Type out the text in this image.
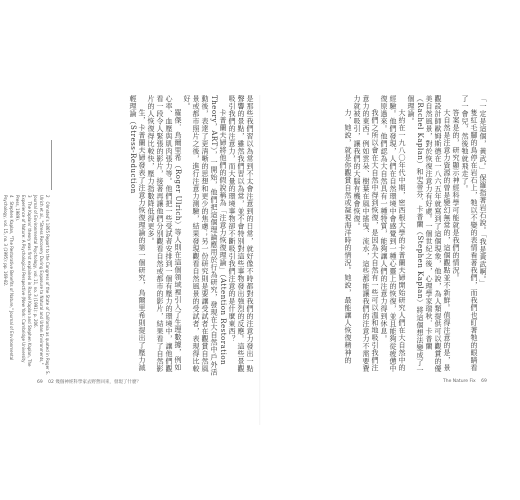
是那些我們習以為常到不太會注意到的日常，就好像不時都對我們的注意力發出一點聲響的景點，雖然我們習以為常，並不會特別對這些事物發出強烈的反應。這些景觀吸引我們的注意力，而大量的環境事物卻不斷吸引我們注意的是什麼東西？
卡普蘭夫婦將他們的假說稱為「注意力恢復理論」（Attention Restoration Theory，ART），一開始，他們把這個理論應用於行為研究，發現在大自然中戶外活動後，表達了更清晰的思想和更少的焦慮；另一份研究則是要讓受試者在觀賞自然風景或都市照片之後，進行注意力測驗，結果發現觀看自然風景的受試者，表現得比較好。
羅傑．烏爾里希（Roger Ulrich）等人則在這個領域裡引入了生理數據，例如心率、血壓與肌肉張力等。他們把一些受試者安排到一個有壓力的環境中，讓他們觀看一段令人緊張的影片，接著再讓他們分別觀看自然或都市的影片，結果看了自然影片的人恢復得比較快，壓力指數降低得更多。
生，卡普蘭夫婦發表了注意力恢復理論的第一個研究，烏爾里希則提出了壓力減輕理論（Stress-Reduction
2　Olmsted's 1865 Report to the Congress of the State of California as quoted in Roger S. Ulrich et al., "Stress Recovery During Exposure to Natural and Urban Environments," Journal of Environmental Psychology, vol. 11, no. 3 (1991): p. 206.
3　The Kaplans' theory was first explained in Rachel Kaplan and Stephen Kaplan, The Experience of Nature: A Psychological Perspective (New York: Cambridge University Press, 1989).
4　Stephen Kaplan, "The Restorative Benefits of Nature," Journal of Environmental Psychology, vol. 15, no. 3 (1995): pp. 169-82.
69 02 幾個神經科學家去野營回來，發現了什麼？
「一定是這個，黃武。」保羅指著岩石說。「我是黃武啊。」
隻紅毛腳的鳥停在岩石上，牠以不變的表情看著我們，而我們也盯著牠的眼睛看了一會兒，然後牠就飛走了。
答案是的，研究顯示神經科學可能就是我們的情況。
大自然是注意力資源的曾是變幻無常的，這個觀點並不新鮮。值得注意的是，景觀設計師歐姆斯德在一八六五年就寫到了這個現象，他說，為人類提供可以觀賞的優美自然風景，對於恢復注意力有好處。一個世紀之後，心理學家瑞秋．卡普蘭（Rachel Kaplan）和史蒂芬．卡普蘭（Stephen Kaplan）將這個想法變成了一個理論。
大約在一九八〇年代中期，密西根大學的卡普蘭夫婦開始研究人們在大自然中的經驗。他們發現，人們在自然環境中會感覺到一種心靈上的恢復，並且能夠從疲憊中復原過來。他們認為大自然具有一種特質，能夠讓人們的注意力得到休息。
我們之所以會在大自然中得到恢復，是因為大自然有一些可以溫和地吸引我們注意力的東西。例如雲朵、樹葉在風中搖曳、流水，這些都能讓我們的注意力不需要費力就被吸引，讓我們的大腦有機會恢復。
力，她說，就是你觀賞自然或凝視海洋時的情況。她說，最能讓人恢復精神的
The Nature Fix 69
